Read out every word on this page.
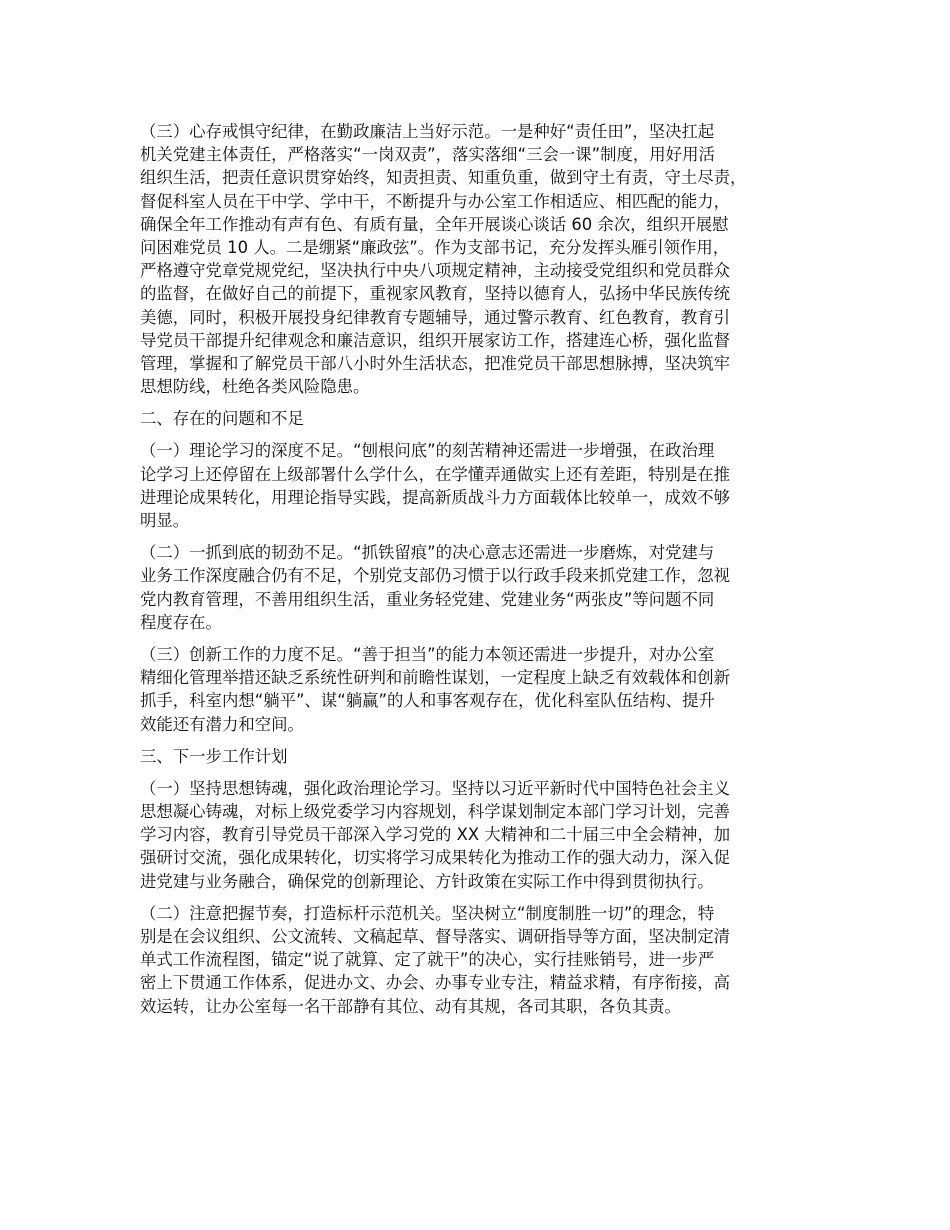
（三）心存戒惧守纪律，在勤政廉洁上当好示范。一是种好“责任田”，坚决扛起
机关党建主体责任，严格落实“一岗双责”，落实落细“三会一课”制度，用好用活
组织生活，把责任意识贯穿始终，知责担责、知重负重，做到守土有责，守土尽责，
督促科室人员在干中学、学中干，不断提升与办公室工作相适应、相匹配的能力，
确保全年工作推动有声有色、有质有量，全年开展谈心谈话 60 余次，组织开展慰
问困难党员 10 人。二是绷紧“廉政弦”。作为支部书记，充分发挥头雁引领作用，
严格遵守党章党规党纪，坚决执行中央八项规定精神，主动接受党组织和党员群众
的监督，在做好自己的前提下，重视家风教育，坚持以德育人，弘扬中华民族传统
美德，同时，积极开展投身纪律教育专题辅导，通过警示教育、红色教育，教育引
导党员干部提升纪律观念和廉洁意识，组织开展家访工作，搭建连心桥，强化监督
管理，掌握和了解党员干部八小时外生活状态，把准党员干部思想脉搏，坚决筑牢
思想防线，杜绝各类风险隐患。
二、存在的问题和不足
（一）理论学习的深度不足。“刨根问底”的刻苦精神还需进一步增强，在政治理
论学习上还停留在上级部署什么学什么，在学懂弄通做实上还有差距，特别是在推
进理论成果转化，用理论指导实践，提高新质战斗力方面载体比较单一，成效不够
明显。
（二）一抓到底的韧劲不足。“抓铁留痕”的决心意志还需进一步磨炼，对党建与
业务工作深度融合仍有不足，个别党支部仍习惯于以行政手段来抓党建工作，忽视
党内教育管理，不善用组织生活，重业务轻党建、党建业务“两张皮”等问题不同
程度存在。
（三）创新工作的力度不足。“善于担当”的能力本领还需进一步提升，对办公室
精细化管理举措还缺乏系统性研判和前瞻性谋划，一定程度上缺乏有效载体和创新
抓手，科室内想“躺平”、谋“躺赢”的人和事客观存在，优化科室队伍结构、提升
效能还有潜力和空间。
三、下一步工作计划
（一）坚持思想铸魂，强化政治理论学习。坚持以习近平新时代中国特色社会主义
思想凝心铸魂，对标上级党委学习内容规划，科学谋划制定本部门学习计划，完善
学习内容，教育引导党员干部深入学习党的 XX 大精神和二十届三中全会精神，加
强研讨交流，强化成果转化，切实将学习成果转化为推动工作的强大动力，深入促
进党建与业务融合，确保党的创新理论、方针政策在实际工作中得到贯彻执行。
（二）注意把握节奏，打造标杆示范机关。坚决树立“制度制胜一切”的理念，特
别是在会议组织、公文流转、文稿起草、督导落实、调研指导等方面，坚决制定清
单式工作流程图，锚定“说了就算、定了就干”的决心，实行挂账销号，进一步严
密上下贯通工作体系，促进办文、办会、办事专业专注，精益求精，有序衔接，高
效运转，让办公室每一名干部静有其位、动有其规，各司其职，各负其责。
